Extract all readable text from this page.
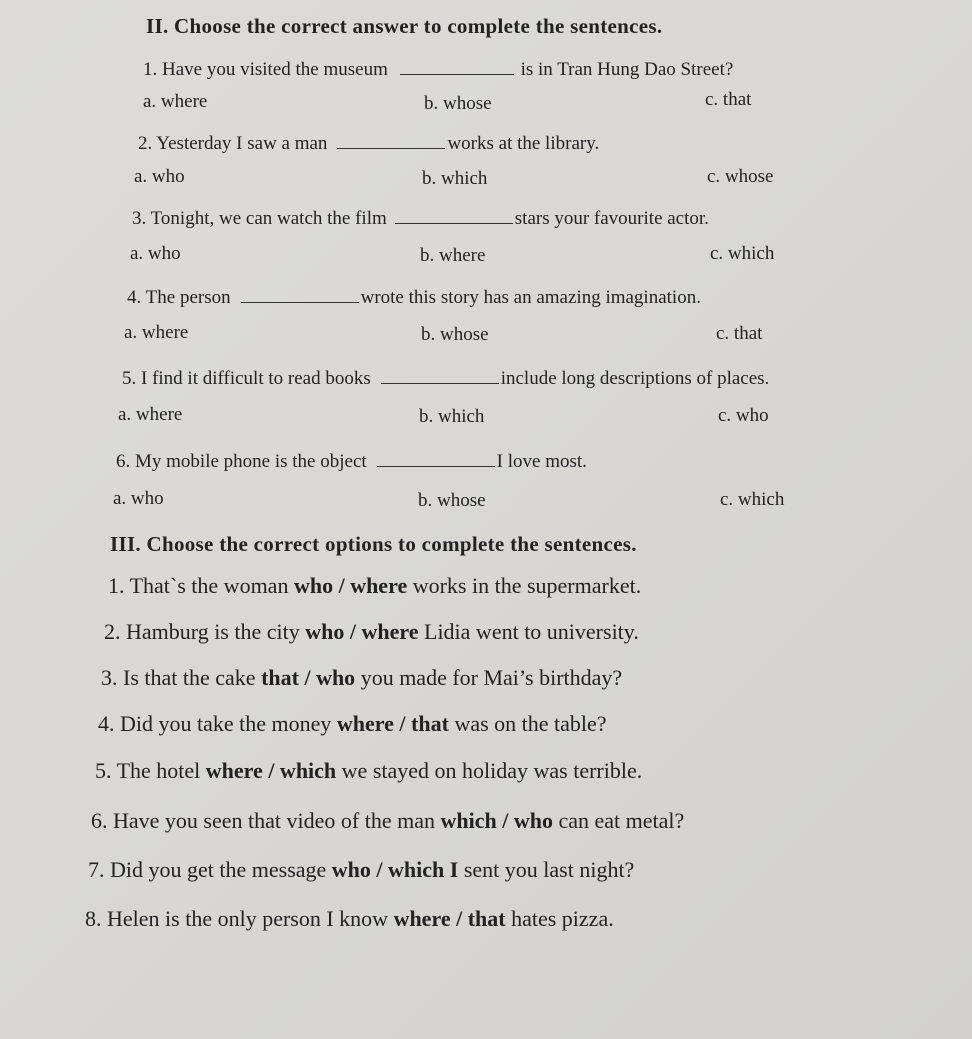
II. Choose the correct answer to complete the sentences.
1. Have you visited the museum	is in Tran Hung Dao Street?
a. where	b. whose	c. that
2. Yesterday I saw a man	works at the library.
a. who	b. which	c. whose
3. Tonight, we can watch the film	stars your favourite actor.
a. who	b. where	c. which
4. The person	wrote this story has an amazing imagination.
a. where	b. whose	c. that
5. I find it difficult to read books	include long descriptions of places.
a. where	b. which	c. who
6. My mobile phone is the object	I love most.
a. who	b. whose	c. which
III. Choose the correct options to complete the sentences.
1. That`s the woman who / where works in the supermarket.
2. Hamburg is the city who / where Lidia went to university.
3. Is that the cake that / who you made for Mai’s birthday?
4. Did you take the money where / that was on the table?
5. The hotel where / which we stayed on holiday was terrible.
6. Have you seen that video of the man which / who can eat metal?
7. Did you get the message who / which I sent you last night?
8. Helen is the only person I know where / that hates pizza.
